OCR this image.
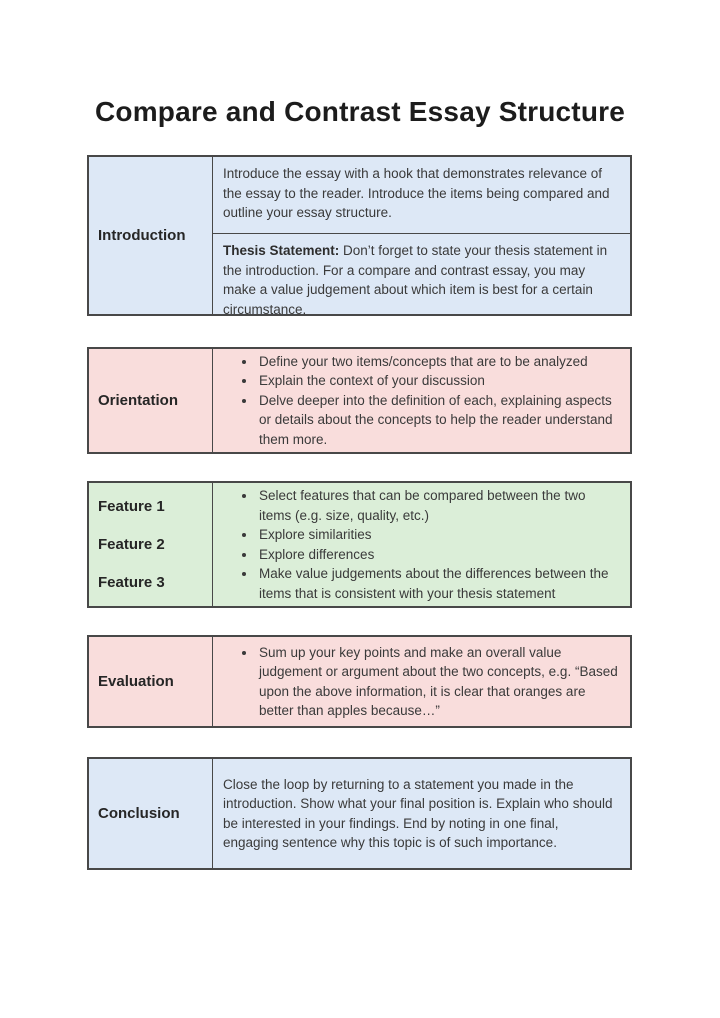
Compare and Contrast Essay Structure
Introduction
Introduce the essay with a hook that demonstrates relevance of the essay to the reader. Introduce the items being compared and outline your essay structure.
Thesis Statement: Don’t forget to state your thesis statement in the introduction. For a compare and contrast essay, you may make a value judgement about which item is best for a certain circumstance.
Orientation
• Define your two items/concepts that are to be analyzed
• Explain the context of your discussion
• Delve deeper into the definition of each, explaining aspects or details about the concepts to help the reader understand them more.
Feature 1
Feature 2
Feature 3
• Select features that can be compared between the two items (e.g. size, quality, etc.)
• Explore similarities
• Explore differences
• Make value judgements about the differences between the items that is consistent with your thesis statement
Evaluation
• Sum up your key points and make an overall value judgement or argument about the two concepts, e.g. “Based upon the above information, it is clear that oranges are better than apples because…”
Conclusion
Close the loop by returning to a statement you made in the introduction. Show what your final position is. Explain who should be interested in your findings. End by noting in one final, engaging sentence why this topic is of such importance.
